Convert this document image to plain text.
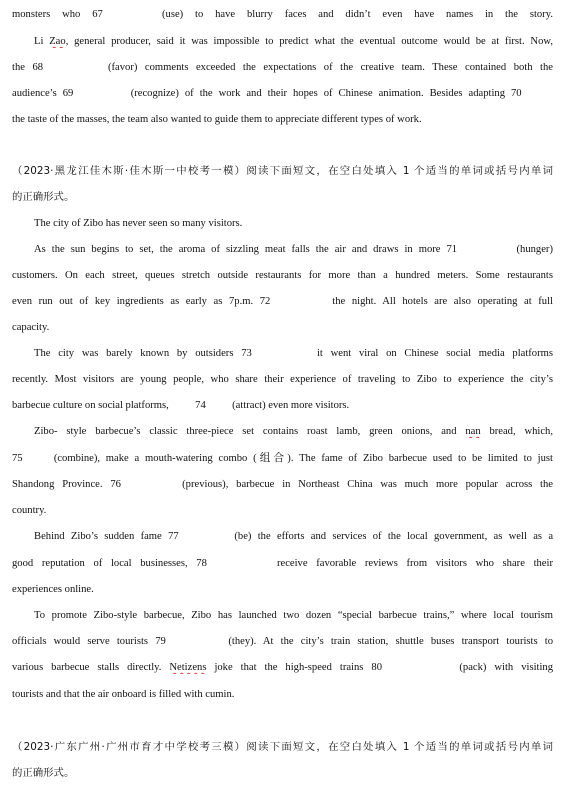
monsters who 67	(use) to have blurry faces and didn’t even have names in the story.
Li Zao, general producer, said it was impossible to predict what the eventual outcome would be at first. Now,
the 68	(favor) comments exceeded the expectations of the creative team. These contained both the
audience’s 69	(recognize) of the work and their hopes of Chinese animation. Besides adapting 70
the taste of the masses, the team also wanted to guide them to appreciate different types of work.
（2023·黑龙江佳木斯·佳木斯一中校考一模）阅读下面短文，在空白处填入 1 个适当的单词或括号内单词
的正确形式。
The city of Zibo has never seen so many visitors.
As the sun begins to set, the aroma of sizzling meat falls the air and draws in more 71	(hunger)
customers. On each street, queues stretch outside restaurants for more than a hundred meters. Some restaurants
even run out of key ingredients as early as 7p.m. 72	the night. All hotels are also operating at full
capacity.
The city was barely known by outsiders 73	it went viral on Chinese social media platforms
recently. Most visitors are young people, who share their experience of traveling to Zibo to experience the city’s
barbecue culture on social platforms, 74 (attract) even more visitors.
Zibo- style barbecue’s classic three-piece set contains roast lamb, green onions, and nan bread, which,
75	(combine), make a mouth-watering combo (组合). The fame of Zibo barbecue used to be limited to just
Shandong Province. 76	(previous), barbecue in Northeast China was much more popular across the
country.
Behind Zibo’s sudden fame 77	(be) the efforts and services of the local government, as well as a
good reputation of local businesses, 78	receive favorable reviews from visitors who share their
experiences online.
To promote Zibo-style barbecue, Zibo has launched two dozen “special barbecue trains,” where local tourism
officials would serve tourists 79	(they). At the city’s train station, shuttle buses transport tourists to
various barbecue stalls directly. Netizens joke that the high-speed trains 80	(pack) with visiting
tourists and that the air onboard is filled with cumin.
（2023·广东广州·广州市育才中学校考三模）阅读下面短文，在空白处填入 1 个适当的单词或括号内单词
的正确形式。
